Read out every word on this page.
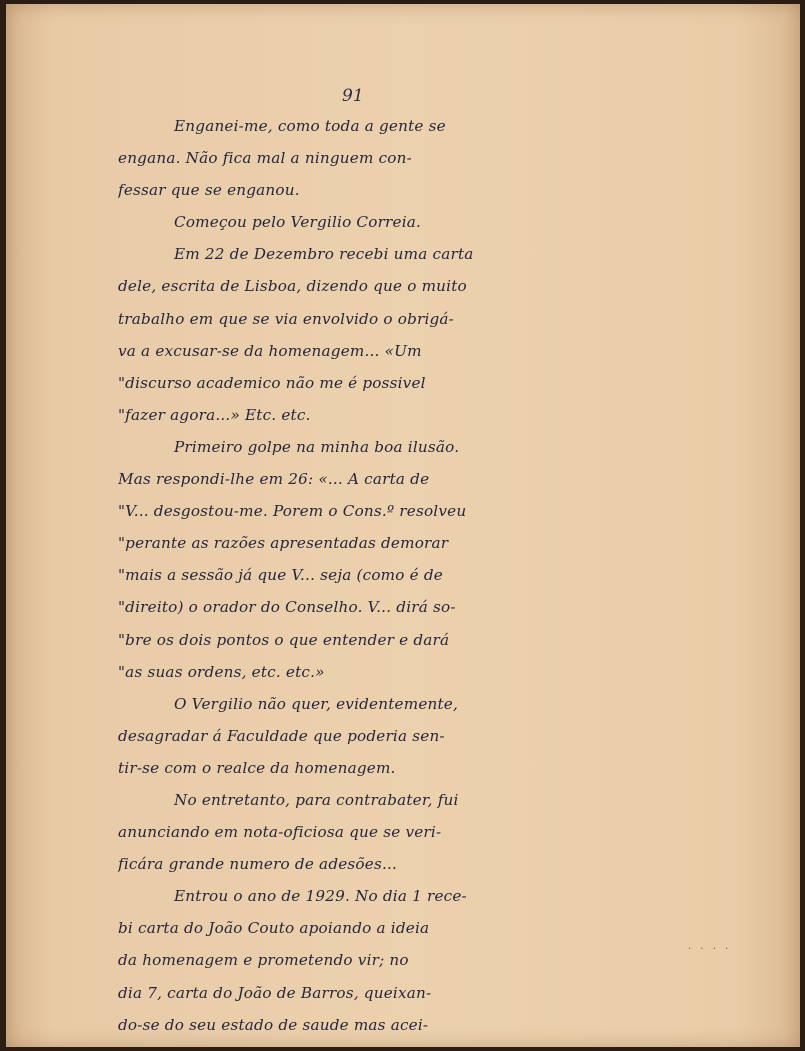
91
Enganei-me, como toda a gente se
engana. Não fica mal a ninguem con-
fessar que se enganou.
Começou pelo Vergilio Correia.
Em 22 de Dezembro recebi uma carta
dele, escrita de Lisboa, dizendo que o muito
trabalho em que se via envolvido o obrigá-
va a excusar-se da homenagem... «Um
"discurso academico não me é possivel
"fazer agora...» Etc. etc.
Primeiro golpe na minha boa ilusão.
Mas respondi-lhe em 26: «... A carta de
"V... desgostou-me. Porem o Cons.º resolveu
"perante as razões apresentadas demorar
"mais a sessão já que V... seja (como é de
"direito) o orador do Conselho. V... dirá so-
"bre os dois pontos o que entender e dará
"as suas ordens, etc. etc.»
O Vergilio não quer, evidentemente,
desagradar á Faculdade que poderia sen-
tir-se com o realce da homenagem.
No entretanto, para contrabater, fui
anunciando em nota-oficiosa que se veri-
ficára grande numero de adesões...
Entrou o ano de 1929. No dia 1 rece-
bi carta do João Couto apoiando a ideia
da homenagem e prometendo vir; no
dia 7, carta do João de Barros, queixan-
do-se do seu estado de saude mas acei-
· · · ·
